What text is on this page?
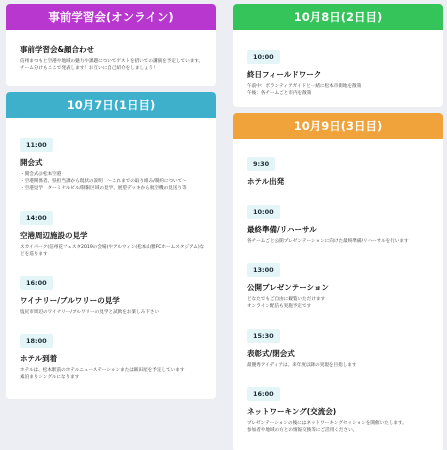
事前学習会(オンライン)
事前学習会&顔合わせ
信州まつもと空港や地域の魅力や課題についてゲストを招いての講演を予定しています。
チーム分けもここで発表します！お互いに自己紹介をしましょう！
10月7日(1日目)
11:00

開会式
・開会式＠松本空港
・空港関係者、県担当課から現状の説明　〜これまでの取り組み/制約について〜
・空港見学　ターミナルビル/制限区域の見学、展望デッキから航空機の見送り等
14:00

空港周辺施設の見学
スカイパーク(信州花フェスタ2019の会場)やアルウィン(松本山雅FCホームスタジアム)などを巡ります
16:00

ワイナリー/ブルワリーの見学
塩尻市周辺のワイナリー/ブルワリーの見学と試飲をお楽しみ下さい
18:00

ホテル到着
ホテルは、松本駅前のホテルニューステーションまたは飯田屋を予定しています
素泊まりシングルになります
10月8日(2日目)
10:00

終日フィールドワーク
午前中：ボランティアガイドと一緒に松本市街地を散策
午後：各チームごと市内を散策
10月9日(3日目)
9:30

ホテル出発
10:00

最終準備/リハーサル
各チームごと公開プレゼンテーションに向けた最終準備/リハーサルを行います
13:00

公開プレゼンテーション
どなたでもご自由に観覧いただけます
オンライン配信も実施予定です
15:30

表彰式/閉会式
最優秀アイディアは、来年度以降の実現を目指します
16:00

ネットワーキング(交流会)
プレゼンテーションの後にはネットワーキングセッションを開催いたします。
参加者や地域の方との情報交換等にご活用ください。
